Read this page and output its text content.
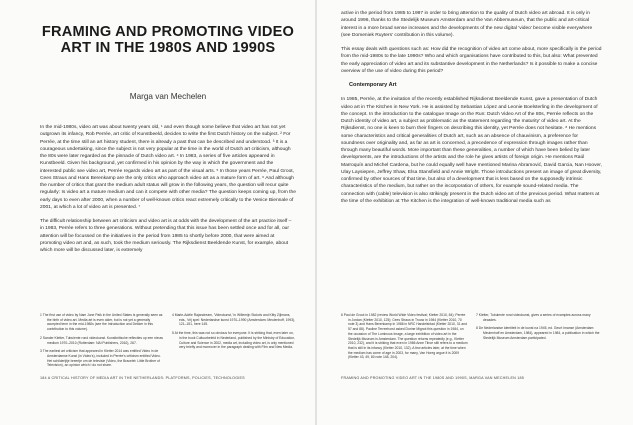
FRAMING AND PROMOTING VIDEO ART IN THE 1980S AND 1990S
Marga van Mechelen

In the mid-1980s, video art was about twenty years old, ¹ and even though some believe that video art has not yet outgrown its infancy, Rob Perrée, art critic of Kunstbeeld, decides to write the first Dutch history on the subject. ² For Perrée, at the time still an art history student, there is already a past that can be described and understood. ³ It is a courageous undertaking, since the subject is not very popular at the time in the world of Dutch art criticism, although the 80s were later regarded as the pinnacle of Dutch video art. ⁴ In 1983, a series of five articles appeared in Kunstbeeld. Given his background, yet confirmed in his opinion by the way in which the government and the interested public see video art, Perrée regards video art as part of the visual arts. ⁵ In those years Perrée, Paul Groot, Cees Straus and Hans Berenkamp are the only critics who approach video art as a mature form of art. ⁶ And although the number of critics that grant the medium adult status will grow in the following years, the question will recur quite regularly: Is video art a mature medium and can it compete with other media? The question keeps coming up, from the early days to even after 2000, when a number of well-known critics react extremely critically to the Venice Biennale of 2001, at which a lot of video art is presented. ⁷

The difficult relationship between art criticism and video art is at odds with the development of the art practice itself – in 1983, Perrée refers to three generations. Without pretending that this issue has been settled once and for all, our attention will be focussed on the initiatives in the period from 1985 to shortly before 2000, that were aimed at promoting video art and, as such, took the medium seriously. The Rijksdienst Beeldende Kunst, for example, about which more will be discussed later, is extremely

1 The first use of video by Nam June Paik in the United States is generally seen as the birth of video art. Media art is even older, but is not yet a generally accepted term in the mid-1980s (see the Introduction and Dekker in this contribution to this volume).
2 Sander Kletter, Tubulente rond videokunst. Kunstkritische reflecties op een nieuw medium 1970–2010 (Rotterdam: NAi Publishers, 2010), 267.
3 The earliest art criticism that appeared in Kletter 2014 was entitled Video in de Amsterdamse Kunst (in Video's), included in Perrée's criticism entitled Video. Het schilderijtje breertje om de televisie (Video, the Bracelet: Little Brother of Television), an opinion which I do not share.
4 Marie-Adèle Rajandream, 'Videokunst,' in Willemijn Stokvis and Kitty Zijlmans, eds., Vrij spel: Nederlandse kunst 1970–1990 (Amsterdam: Meulenhoff, 1993), 121–151, here 145.
5 At the time, this was not so obvious for everyone. It is striking that, even later on, in the book Cultuurbeleid in Nederland, published by the Ministry of Education, Culture and Science in 2002, media art, including video art, is only mentioned very briefly and moreover in the paragraph dealing with Film and New Media.
184 A CRITICAL HISTORY OF MEDIA ART IN THE NETHERLANDS: PLATFORMS, POLICIES, TECHNOLOGIES

active in the period from 1985 to 1997 in order to bring attention to the quality of Dutch video art abroad. It is only in around 1996, thanks to the Stedelijk Museum Amsterdam and the Van Abbemuseum, that the public and art-critical interest in a more broad sense increases and the developments of the new digital 'video' become visible everywhere (see Domeniek Ruyters' contribution in this volume).

This essay deals with questions such as: How did the recognition of video art come about, more specifically in the period from the mid-1980s to the late 1990s? Who and which organisations have contributed to this, but also: What prevented the early appreciation of video art and its substantive development in the Netherlands? Is it possible to make a concise overview of the use of video during this period?

Contemporary Art

In 1985, Perrée, at the invitation of the recently established Rijksdienst Beeldende Kunst, gave a presentation of Dutch video art in The Kitchen in New York. He is assisted by Sebastian López and Leonie Boelsterling in the development of the concept. In the introduction to the catalogue Image on the Run: Dutch Video Art of the 80s, Perrée reflects on the Dutch identity of video art, a subject as problematic as the statement regarding 'the maturity' of video art. At the Rijksdienst, no one is keen to burn their fingers on describing this identity, yet Perrée does not hesitate. ⁸ He mentions some characteristics and critical generalities of Dutch art, such as an absence of chauvinism, a preference for soundness over originality and, as far as art is concerned, a precedence of expression through images rather than through many beautiful words. More important than these generalities, a number of which have been belied by later developments, are the introductions of the artists and the role he gives artists of foreign origin. He mentions Raúl Marroquín and Michel Cardena, but he could equally well have mentioned Marina Abramović, David Garcia, Nan Hoover, Ulay Laysiepen, Jeffrey Shaw, Elsa Stansfield and Annie Wright. Those introductions present an image of great diversity, confirmed by other sources of that time, but also of a development that is less based on the supposedly intrinsic characteristics of the medium, but rather on the incorporation of others, for example sound-related media. The connection with (cable) television is also strikingly present in the Dutch video art of the previous period. What matters at the time of the exhibition at The Kitchen is the integration of well-known traditional media such as

6 Paul de Groot in 1982 (review World Wide Video festival; Kletter 2010, 84); Perrée in Jordan (Kletter 2010, 125); Cees Straus in Trouw in 1984 (Kletter 2010, 70 note 3) and Hans Berenkamp in 1986 in NRC Handelsblad (Kletter 2010, 31 and 57 and 88). Pauline Terreehorst asked Dorine Mignot this question in 1984, on the occasion of The Luminous Image, a large exhibition of video art in the Stedelijk Museum in Amsterdam. The question returns repeatedly (e.g., Kletter 2010, 232), and it is striking that even in 1986 Anne Tilroe still refers to a medium that is still in its infancy (Kletter 2010, 132). A few articles later, at the time when the medium has come of age in 2003, for many, Van Horeg argue it is 2009 (Kletter 43, 49, 80 note 148, 204).
7 Kletter, Tubulente rond videokunst, gives a series of examples across many decades.
8 De Nederlandse identiteit in de kunst na 1945, ed. Geurt Imanse (Amsterdam: Meulenhoff en Amsterdam, 1984), appeared in 1984, a publication in which the Stedelijk Museum Amsterdam participated.
FRAMING AND PROMOTING VIDEO ART IN THE 1980S AND 1990S, MARGA VAN MECHELEN 185
